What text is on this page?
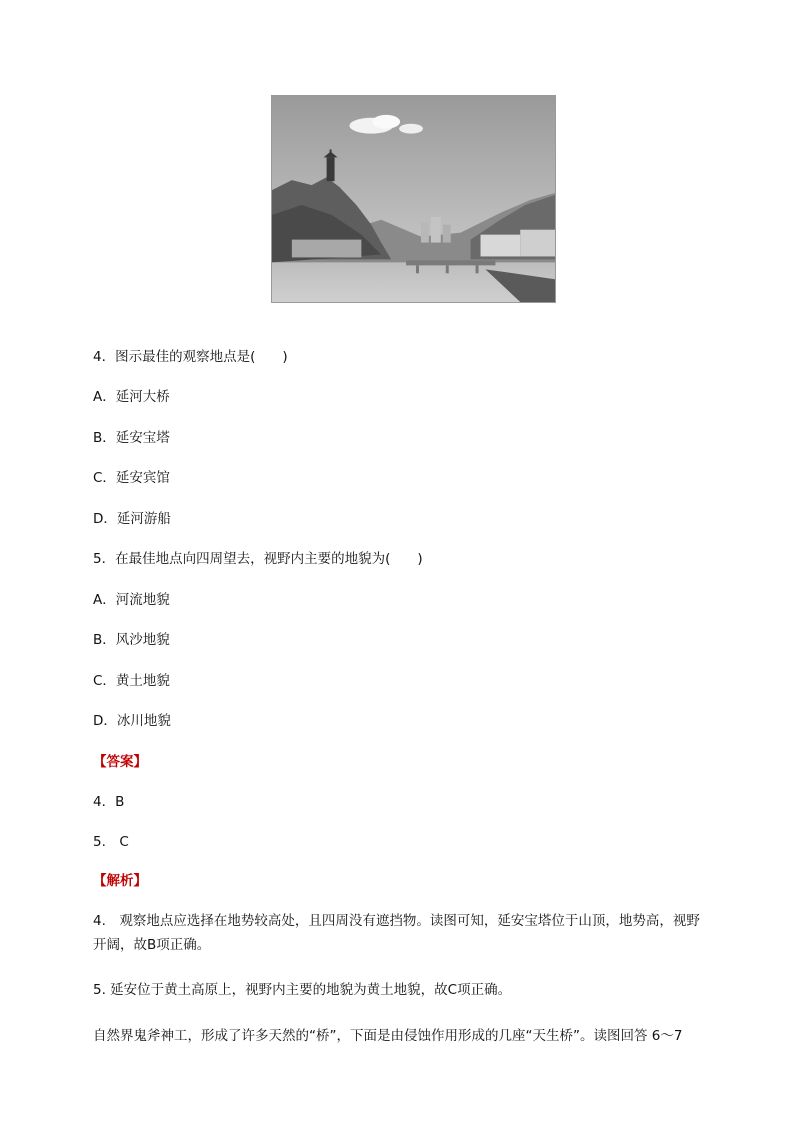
4．图示最佳的观察地点是(　　)
A．延河大桥
B．延安宝塔
C．延安宾馆
D．延河游船
5．在最佳地点向四周望去，视野内主要的地貌为(　　)
A．河流地貌
B．风沙地貌
C．黄土地貌
D．冰川地貌
【答案】
4．B
5.　C
【解析】
4.　观察地点应选择在地势较高处，且四周没有遮挡物。读图可知，延安宝塔位于山顶，地势高，视野开阔，故B项正确。
5. 延安位于黄土高原上，视野内主要的地貌为黄土地貌，故C项正确。
自然界鬼斧神工，形成了许多天然的“桥”，下面是由侵蚀作用形成的几座“天生桥”。读图回答 6～7
